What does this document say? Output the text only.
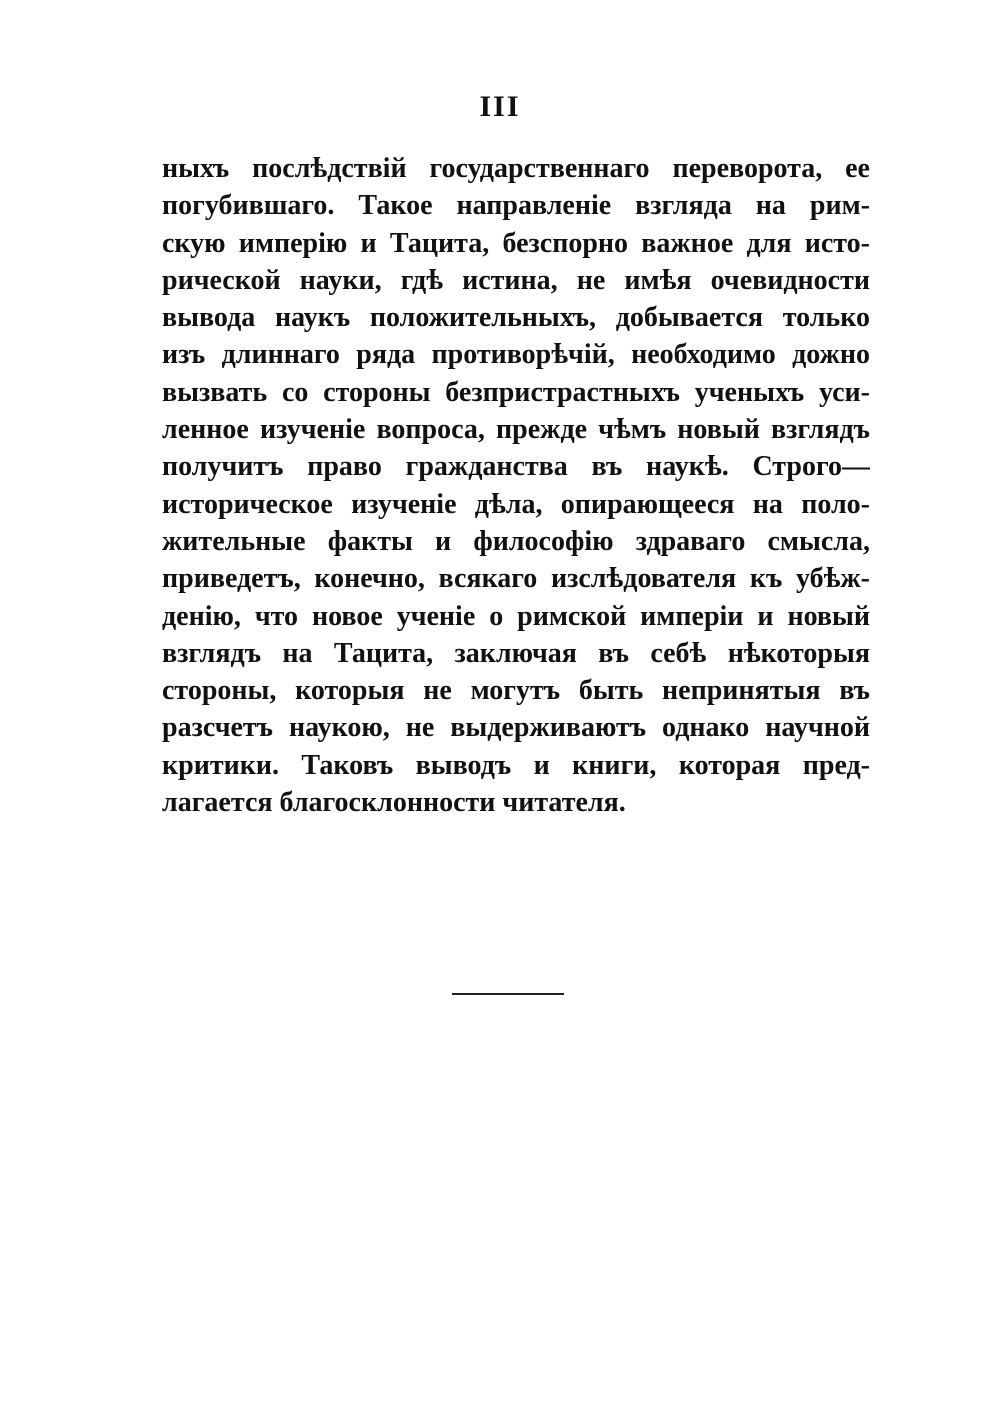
III
ныхъ послѣдствій государственнаго переворота, ее
погубившаго. Такое направленіе взгляда на рим-
скую имперію и Тацита, безспорно важное для исто-
рической науки, гдѣ истина, не имѣя очевидности
вывода наукъ положительныхъ, добывается только
изъ длиннаго ряда противорѣчій, необходимо дожно
вызвать со стороны безпристрастныхъ ученыхъ уси-
ленное изученіе вопроса, прежде чѣмъ новый взглядъ
получитъ право гражданства въ наукѣ. Строго—
историческое изученіе дѣла, опирающееся на поло-
жительные факты и философію здраваго смысла,
приведетъ, конечно, всякаго изслѣдователя къ убѣж-
денію, что новое ученіе о римской имперіи и новый
взглядъ на Тацита, заключая въ себѣ нѣкоторыя
стороны, которыя не могутъ быть непринятыя въ
разсчетъ наукою, не выдерживаютъ однако научной
критики. Таковъ выводъ и книги, которая пред-
лагается благосклонности читателя.
